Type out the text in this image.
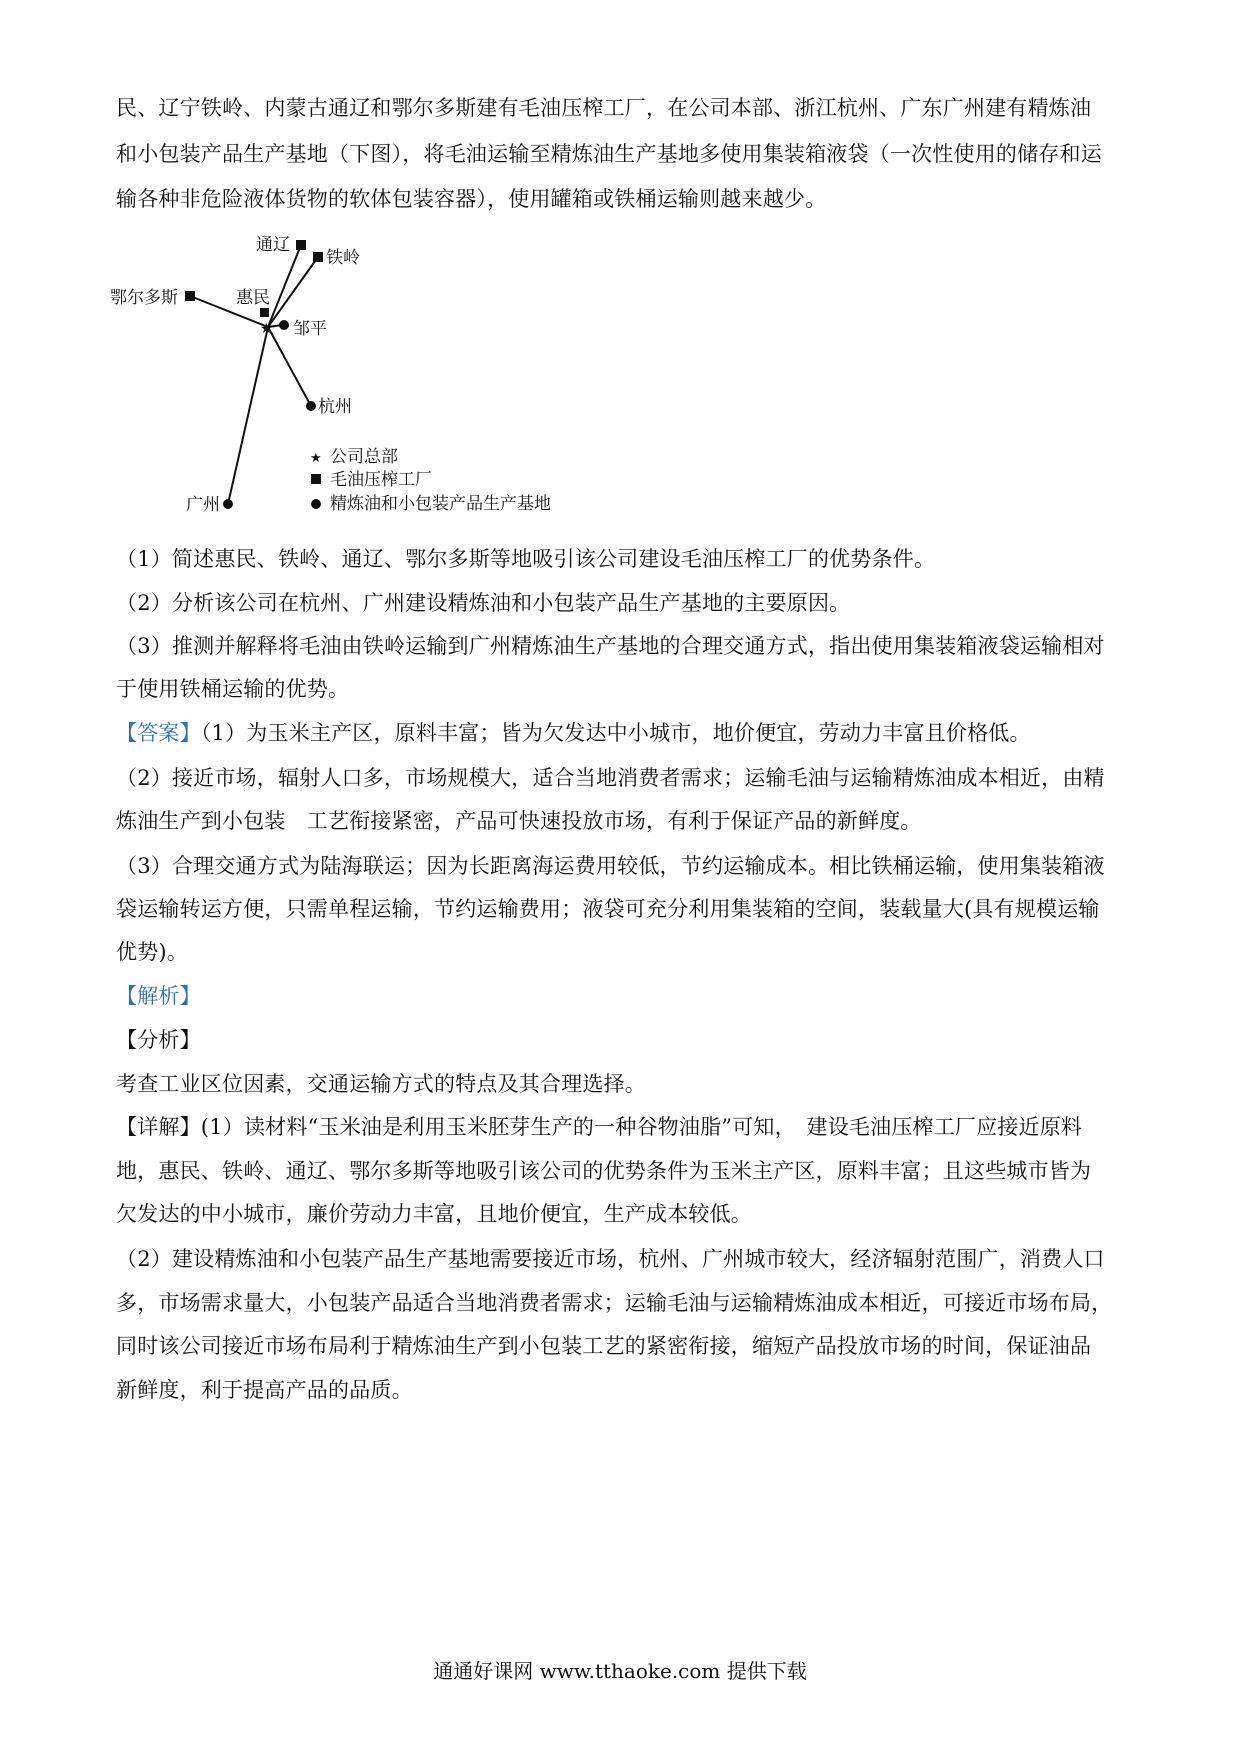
民、辽宁铁岭、内蒙古通辽和鄂尔多斯建有毛油压榨工厂，在公司本部、浙江杭州、广东广州建有精炼油
和小包装产品生产基地（下图），将毛油运输至精炼油生产基地多使用集装箱液袋（一次性使用的储存和运
输各种非危险液体货物的软体包装容器），使用罐箱或铁桶运输则越来越少。
★
通辽
铁岭
鄂尔多斯	惠民
邹平
杭州
广州
★ 公司总部
毛油压榨工厂
精炼油和小包装产品生产基地
（1）简述惠民、铁岭、通辽、鄂尔多斯等地吸引该公司建设毛油压榨工厂的优势条件。
（2）分析该公司在杭州、广州建设精炼油和小包装产品生产基地的主要原因。
（3）推测并解释将毛油由铁岭运输到广州精炼油生产基地的合理交通方式，指出使用集装箱液袋运输相对
于使用铁桶运输的优势。
【答案】（1）为玉米主产区，原料丰富；皆为欠发达中小城市，地价便宜，劳动力丰富且价格低。
（2）接近市场，辐射人口多，市场规模大，适合当地消费者需求；运输毛油与运输精炼油成本相近，由精
炼油生产到小包装　工艺衔接紧密，产品可快速投放市场，有利于保证产品的新鲜度。
（3）合理交通方式为陆海联运；因为长距离海运费用较低，节约运输成本。相比铁桶运输，使用集装箱液
袋运输转运方便，只需单程运输，节约运输费用；液袋可充分利用集装箱的空间，装载量大(具有规模运输
优势)。
【解析】
【分析】
考查工业区位因素，交通运输方式的特点及其合理选择。
【详解】(1）读材料“玉米油是利用玉米胚芽生产的一种谷物油脂”可知，　建设毛油压榨工厂应接近原料
地，惠民、铁岭、通辽、鄂尔多斯等地吸引该公司的优势条件为玉米主产区，原料丰富；且这些城市皆为
欠发达的中小城市，廉价劳动力丰富，且地价便宜，生产成本较低。
（2）建设精炼油和小包装产品生产基地需要接近市场，杭州、广州城市较大，经济辐射范围广，消费人口
多，市场需求量大，小包装产品适合当地消费者需求；运输毛油与运输精炼油成本相近，可接近市场布局，
同时该公司接近市场布局利于精炼油生产到小包装工艺的紧密衔接，缩短产品投放市场的时间，保证油品
新鲜度，利于提高产品的品质。
通通好课网 www.tthaoke.com 提供下载
